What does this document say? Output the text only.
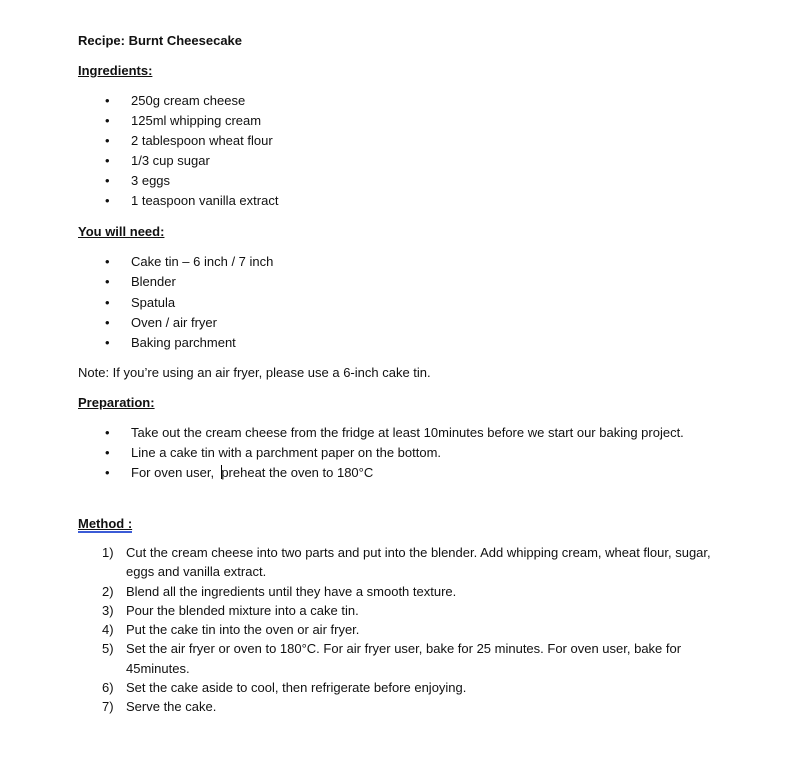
Recipe: Burnt Cheesecake
Ingredients:
• 250g cream cheese
• 125ml whipping cream
• 2 tablespoon wheat flour
• 1/3 cup sugar
• 3 eggs
• 1 teaspoon vanilla extract
You will need:
• Cake tin – 6 inch / 7 inch
• Blender
• Spatula
• Oven / air fryer
• Baking parchment
Note: If you’re using an air fryer, please use a 6-inch cake tin.
Preparation:
• Take out the cream cheese from the fridge at least 10minutes before we start our baking project.
• Line a cake tin with a parchment paper on the bottom.
• For oven user,  preheat the oven to 180°C
Method :
1) Cut the cream cheese into two parts and put into the blender. Add whipping cream, wheat flour, sugar, eggs and vanilla extract.
2) Blend all the ingredients until they have a smooth texture.
3) Pour the blended mixture into a cake tin.
4) Put the cake tin into the oven or air fryer.
5) Set the air fryer or oven to 180°C. For air fryer user, bake for 25 minutes. For oven user, bake for 45minutes.
6) Set the cake aside to cool, then refrigerate before enjoying.
7) Serve the cake.
